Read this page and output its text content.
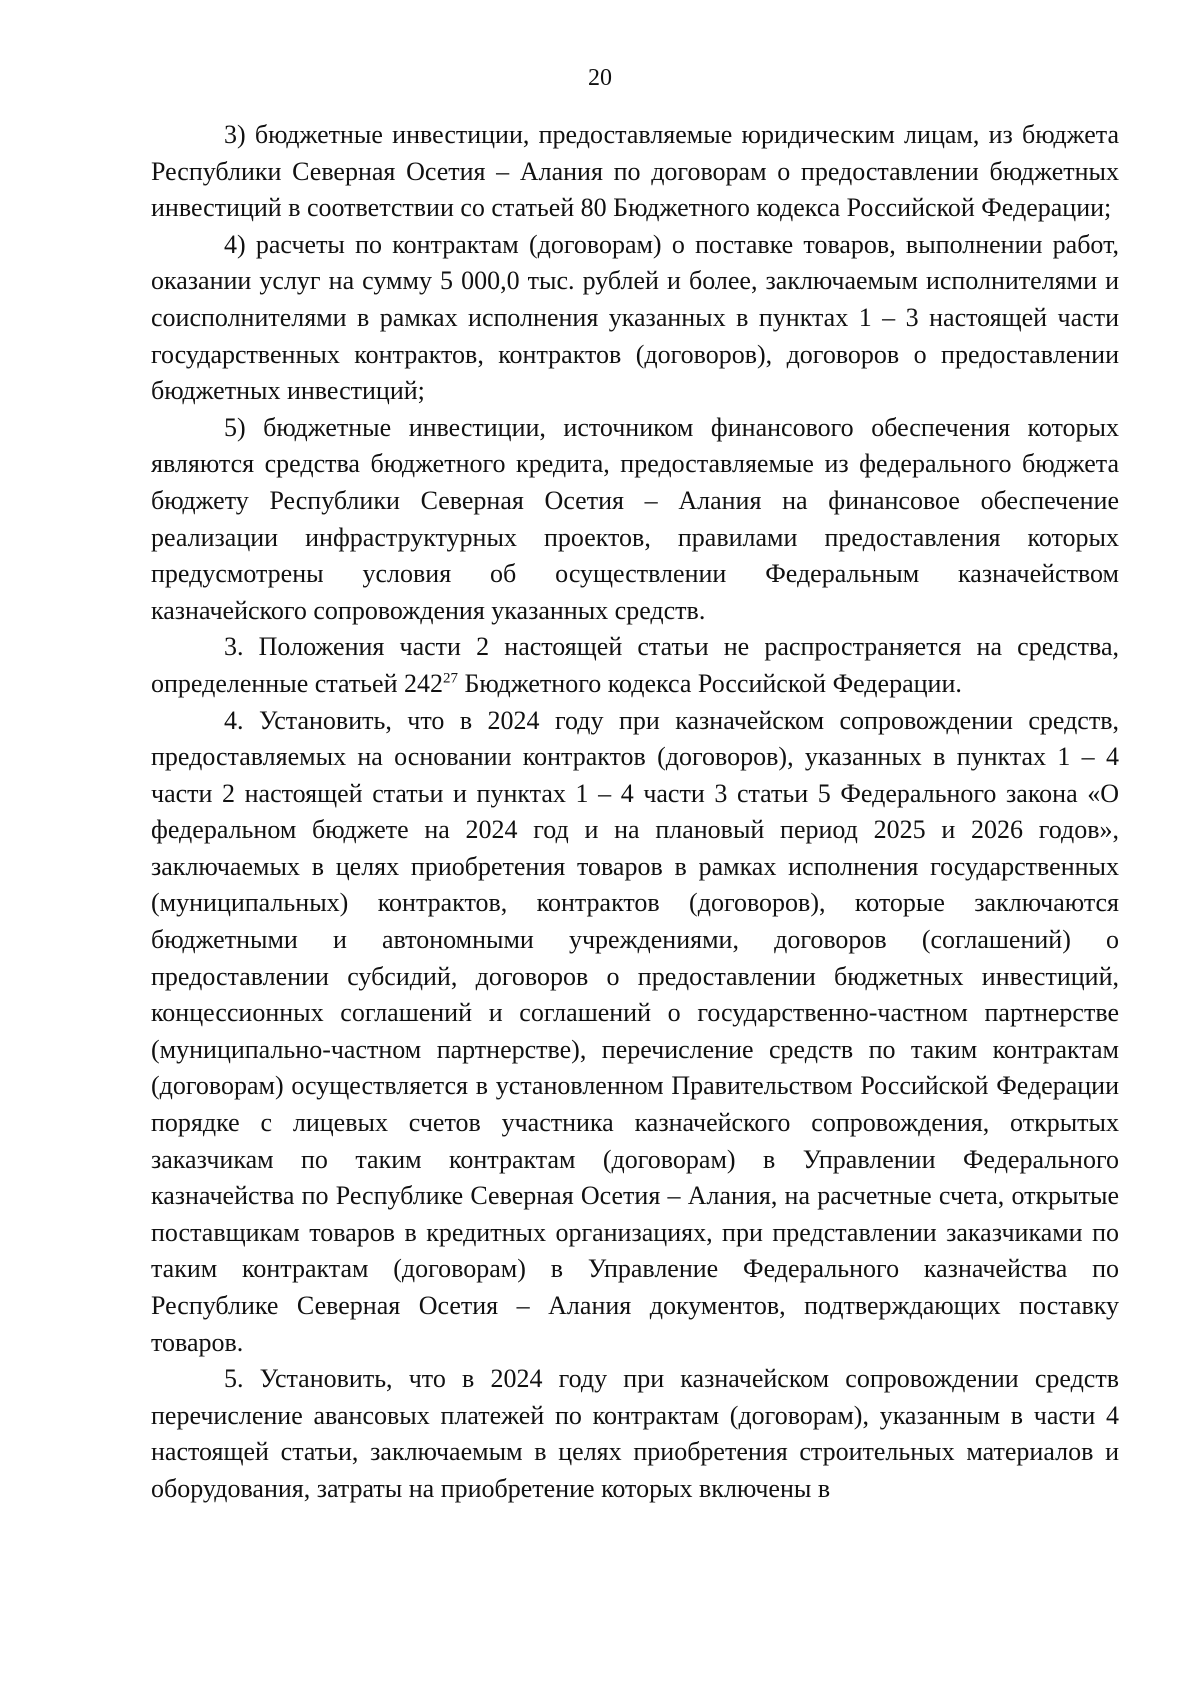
20

3) бюджетные инвестиции, предоставляемые юридическим лицам, из бюджета Республики Северная Осетия – Алания по договорам о предоставлении бюджетных инвестиций в соответствии со статьей 80 Бюджетного кодекса Российской Федерации;

4) расчеты по контрактам (договорам) о поставке товаров, выполнении работ, оказании услуг на сумму 5 000,0 тыс. рублей и более, заключаемым исполнителями и соисполнителями в рамках исполнения указанных в пунктах 1 – 3 настоящей части государственных контрактов, контрактов (договоров), договоров о предоставлении бюджетных инвестиций;

5) бюджетные инвестиции, источником финансового обеспечения которых являются средства бюджетного кредита, предоставляемые из федерального бюджета бюджету Республики Северная Осетия – Алания на финансовое обеспечение реализации инфраструктурных проектов, правилами предоставления которых предусмотрены условия об осуществлении Федеральным казначейством казначейского сопровождения указанных средств.

3. Положения части 2 настоящей статьи не распространяется на средства, определенные статьей $242^{27}$ Бюджетного кодекса Российской Федерации.

4. Установить, что в 2024 году при казначейском сопровождении средств, предоставляемых на основании контрактов (договоров), указанных в пунктах 1 – 4 части 2 настоящей статьи и пунктах 1 – 4 части 3 статьи 5 Федерального закона «О федеральном бюджете на 2024 год и на плановый период 2025 и 2026 годов», заключаемых в целях приобретения товаров в рамках исполнения государственных (муниципальных) контрактов, контрактов (договоров), которые заключаются бюджетными и автономными учреждениями, договоров (соглашений) о предоставлении субсидий, договоров о предоставлении бюджетных инвестиций, концессионных соглашений и соглашений о государственно-частном партнерстве (муниципально-частном партнерстве), перечисление средств по таким контрактам (договорам) осуществляется в установленном Правительством Российской Федерации порядке с лицевых счетов участника казначейского сопровождения, открытых заказчикам по таким контрактам (договорам) в Управлении Федерального казначейства по Республике Северная Осетия – Алания, на расчетные счета, открытые поставщикам товаров в кредитных организациях, при представлении заказчиками по таким контрактам (договорам) в Управление Федерального казначейства по Республике Северная Осетия – Алания документов, подтверждающих поставку товаров.

5. Установить, что в 2024 году при казначейском сопровождении средств перечисление авансовых платежей по контрактам (договорам), указанным в части 4 настоящей статьи, заключаемым в целях приобретения строительных материалов и оборудования, затраты на приобретение которых включены в
